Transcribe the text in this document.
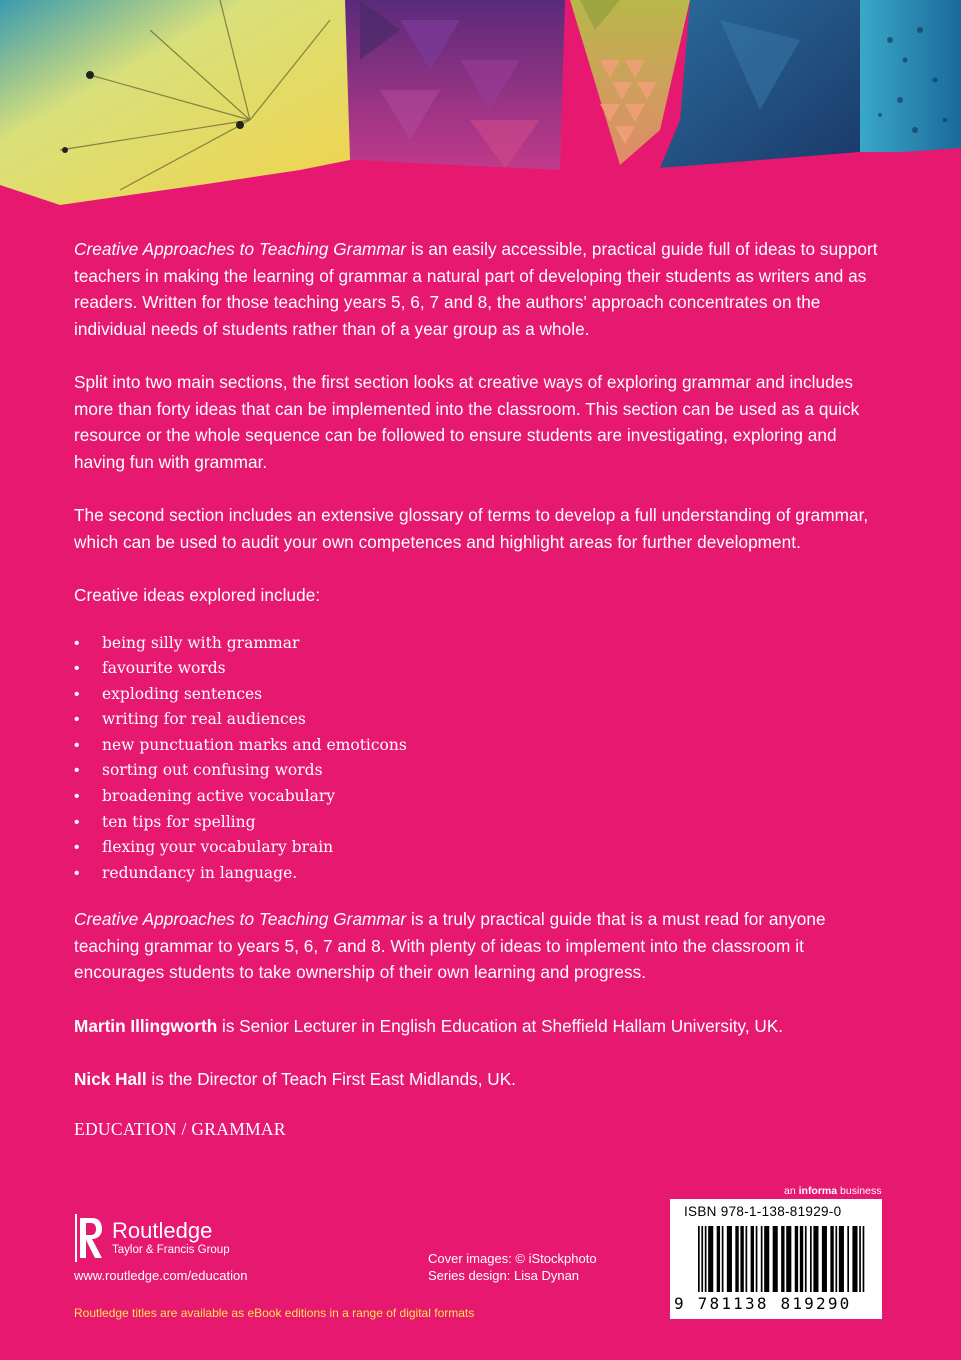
Creative Approaches to Teaching Grammar is an easily accessible, practical guide full of ideas to support teachers in making the learning of grammar a natural part of developing their students as writers and as readers. Written for those teaching years 5, 6, 7 and 8, the authors' approach concentrates on the individual needs of students rather than of a year group as a whole.

Split into two main sections, the first section looks at creative ways of exploring grammar and includes more than forty ideas that can be implemented into the classroom. This section can be used as a quick resource or the whole sequence can be followed to ensure students are investigating, exploring and having fun with grammar.

The second section includes an extensive glossary of terms to develop a full understanding of grammar, which can be used to audit your own competences and highlight areas for further development.

Creative ideas explored include:

• being silly with grammar
• favourite words
• exploding sentences
• writing for real audiences
• new punctuation marks and emoticons
• sorting out confusing words
• broadening active vocabulary
• ten tips for spelling
• flexing your vocabulary brain
• redundancy in language.

Creative Approaches to Teaching Grammar is a truly practical guide that is a must read for anyone teaching grammar to years 5, 6, 7 and 8. With plenty of ideas to implement into the classroom it encourages students to take ownership of their own learning and progress.

Martin Illingworth is Senior Lecturer in English Education at Sheffield Hallam University, UK.

Nick Hall is the Director of Teach First East Midlands, UK.

EDUCATION / GRAMMAR

Routledge
Taylor & Francis Group
www.routledge.com/education
Cover images: © iStockphoto
Series design: Lisa Dynan
an informa business
ISBN 978-1-138-81929-0
9 781138 819290
Routledge titles are available as eBook editions in a range of digital formats
